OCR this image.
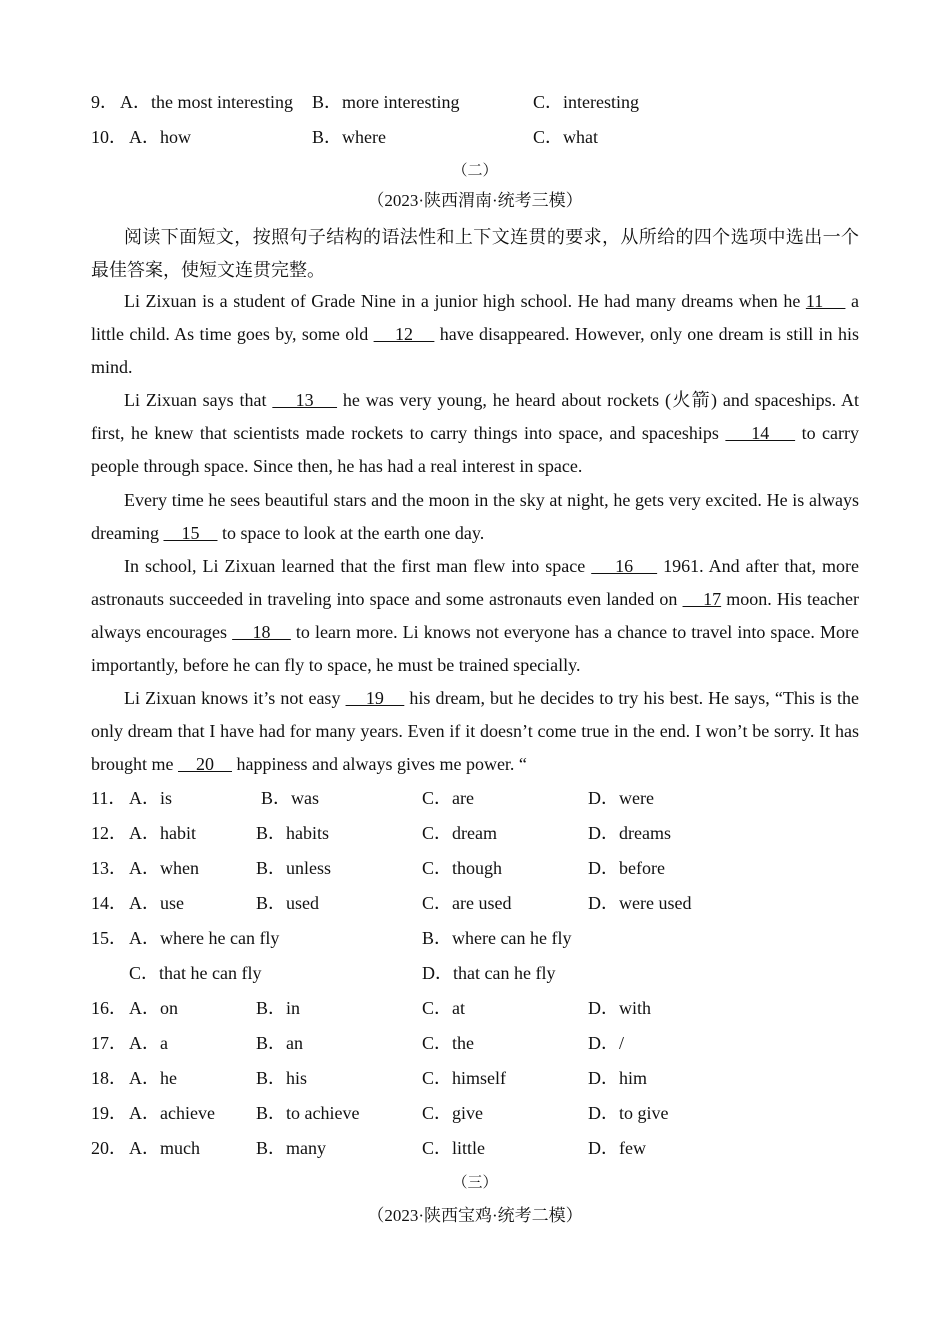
9． A．the most interesting B．more interesting	C．interesting
10． A．how	B．where	C．what
（二）
（2023·陕西渭南·统考三模）
阅读下面短文，按照句子结构的语法性和上下文连贯的要求，从所给的四个选项中选出一个最佳答案，使短文连贯完整。
Li Zixuan is a student of Grade Nine in a junior high school. He had many dreams when he 11     a little child. As time goes by, some old     12     have disappeared. However, only one dream is still in his mind.
Li Zixuan says that     13     he was very young, he heard about rockets (火箭) and spaceships. At first, he knew that scientists made rockets to carry things into space, and spaceships     14     to carry people through space. Since then, he has had a real interest in space.
Every time he sees beautiful stars and the moon in the sky at night, he gets very excited. He is always dreaming     15     to space to look at the earth one day.
In school, Li Zixuan learned that the first man flew into space     16     1961. And after that, more astronauts succeeded in traveling into space and some astronauts even landed on     17 moon. His teacher always encourages     18     to learn more. Li knows not everyone has a chance to travel into space. More importantly, before he can fly to space, he must be trained specially.
Li Zixuan knows it’s not easy     19     his dream, but he decides to try his best. He says, “This is the only dream that I have had for many years. Even if it doesn’t come true in the end. I won’t be sorry. It has brought me     20     happiness and always gives me power. “
11． A．is	B．was	C．are	D．were
12． A．habit	B．habits	C．dream	D．dreams
13． A．when	B．unless	C．though	D．before
14． A．use	B．used	C．are used	D．were used
15． A．where he can fly	B．where can he fly
C．that he can fly	D．that can he fly
16． A．on	B．in	C．at	D．with
17． A．a	B．an	C．the	D．/
18． A．he	B．his	C．himself	D．him
19． A．achieve B．to achieve	C．give	D．to give
20． A．much	B．many	C．little	D．few
（三）
（2023·陕西宝鸡·统考二模）
